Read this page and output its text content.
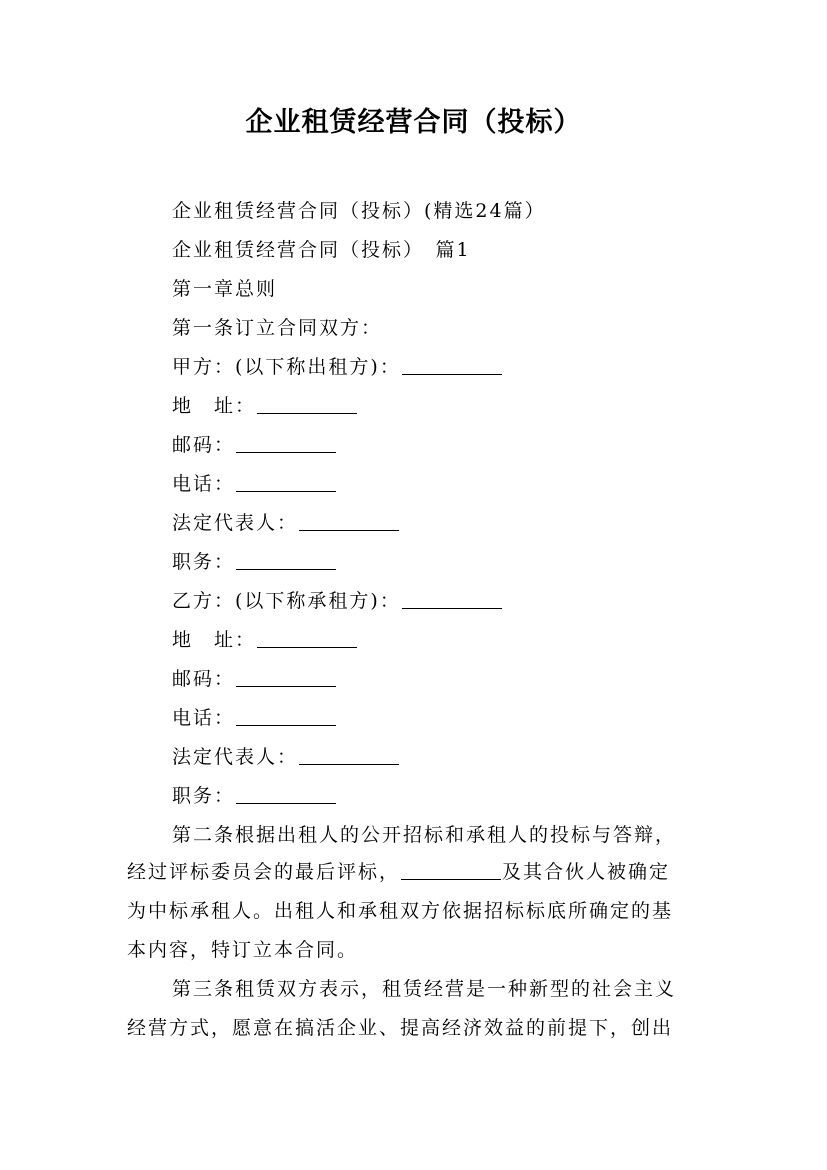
企业租赁经营合同（投标）
企业租赁经营合同（投标）(精选24篇）
企业租赁经营合同（投标）　篇1
第一章总则
第一条订立合同双方：
甲方：(以下称出租方)：
地　址：
邮码：
电话：
法定代表人：
职务：
乙方：(以下称承租方)：
地　址：
邮码：
电话：
法定代表人：
职务：
第二条根据出租人的公开招标和承租人的投标与答辩，
经过评标委员会的最后评标，	及其合伙人被确定
为中标承租人。出租人和承租双方依据招标标底所确定的基
本内容，特订立本合同。
第三条租赁双方表示，租赁经营是一种新型的社会主义
经营方式，愿意在搞活企业、提高经济效益的前提下，创出
